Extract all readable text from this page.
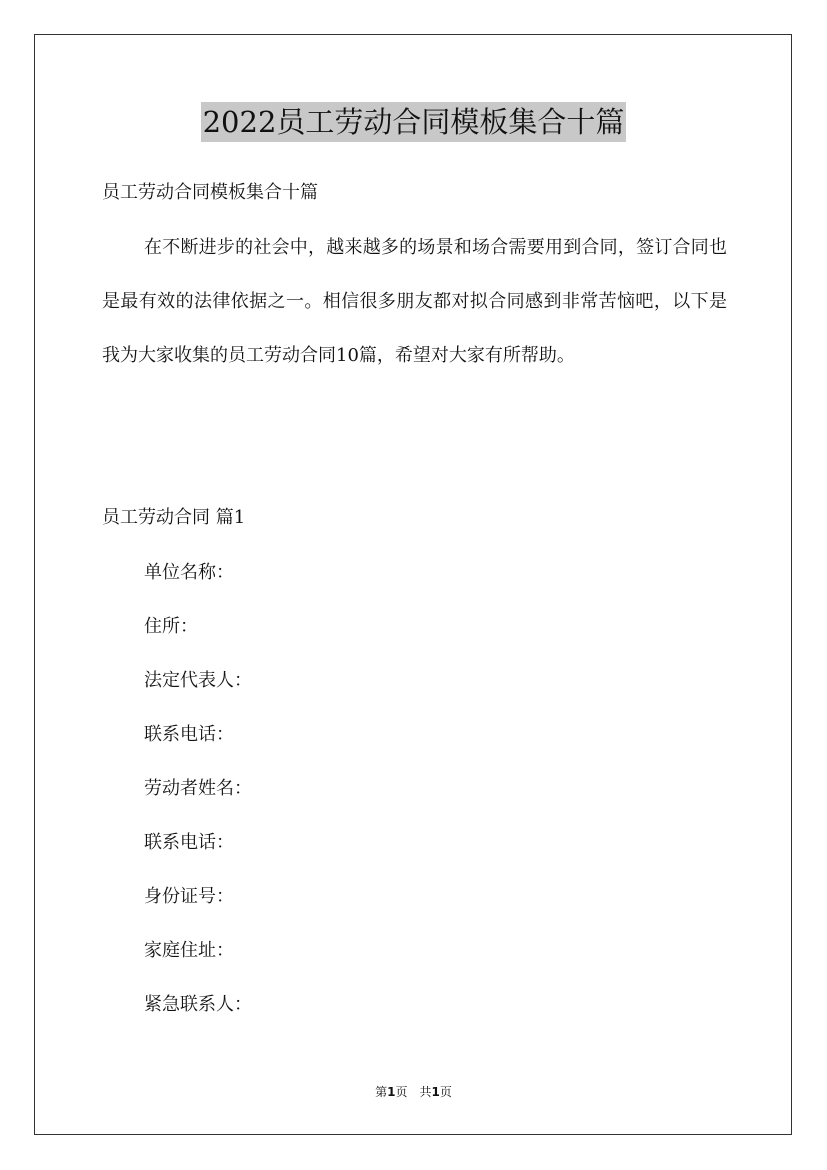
2022员工劳动合同模板集合十篇
员工劳动合同模板集合十篇

在不断进步的社会中，越来越多的场景和场合需要用到合同，签订合同也是最有效的法律依据之一。相信很多朋友都对拟合同感到非常苦恼吧，以下是我为大家收集的员工劳动合同10篇，希望对大家有所帮助。

员工劳动合同 篇1
单位名称：
住所：
法定代表人：
联系电话：
劳动者姓名：
联系电话：
身份证号：
家庭住址：
紧急联系人：
第1页 共1页
